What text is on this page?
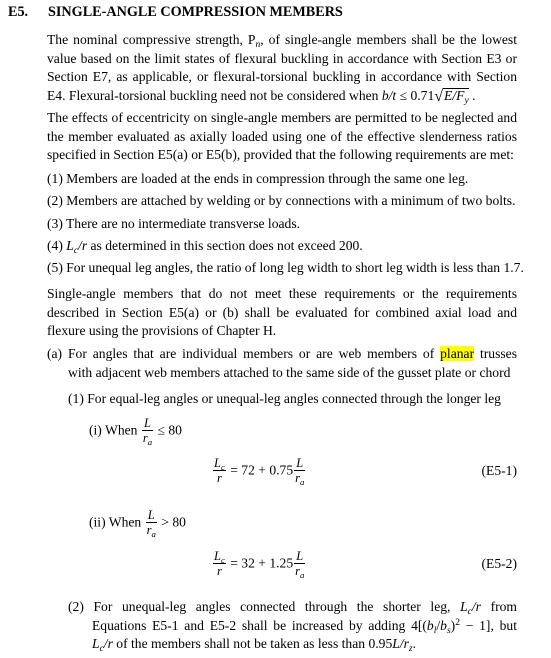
E5. SINGLE-ANGLE COMPRESSION MEMBERS
The nominal compressive strength, $P_n$, of single-angle members shall be the lowest
value based on the limit states of flexural buckling in accordance with Section E3 or
Section E7, as applicable, or flexural-torsional buckling in accordance with Section
E4. Flexural-torsional buckling need not be considered when $b/t \le 0.71√E/F_y$ .
The effects of eccentricity on single-angle members are permitted to be neglected and
the member evaluated as axially loaded using one of the effective slenderness ratios
specified in Section E5(a) or E5(b), provided that the following requirements are met:
(1) Members are loaded at the ends in compression through the same one leg.
(2) Members are attached by welding or by connections with a minimum of two bolts.
(3) There are no intermediate transverse loads.
(4) $L_c/r$ as determined in this section does not exceed 200.
(5) For unequal leg angles, the ratio of long leg width to short leg width is less than 1.7.
Single-angle members that do not meet these requirements or the requirements
described in Section E5(a) or (b) shall be evaluated for combined axial load and
flexure using the provisions of Chapter H.
(a) For angles that are individual members or are web members of planar trusses
with adjacent web members attached to the same side of the gusset plate or chord
(1) For equal-leg angles or unequal-leg angles connected through the longer leg
(i) When $\frac{L}{r_a} \le 80$
$\frac{L_c}{r} = 72 + 0.75 \frac{L}{r_a}$	(E5-1)
(ii) When $\frac{L}{r_a} > 80$
$\frac{L_c}{r} = 32 + 1.25 \frac{L}{r_a}$	(E5-2)
(2) For unequal-leg angles connected through the shorter leg, $L_c/r$ from
Equations E5-1 and E5-2 shall be increased by adding $4[(b_l/b_s)^2 - 1]$, but
$L_c/r$ of the members shall not be taken as less than $0.95L/r_z$.
